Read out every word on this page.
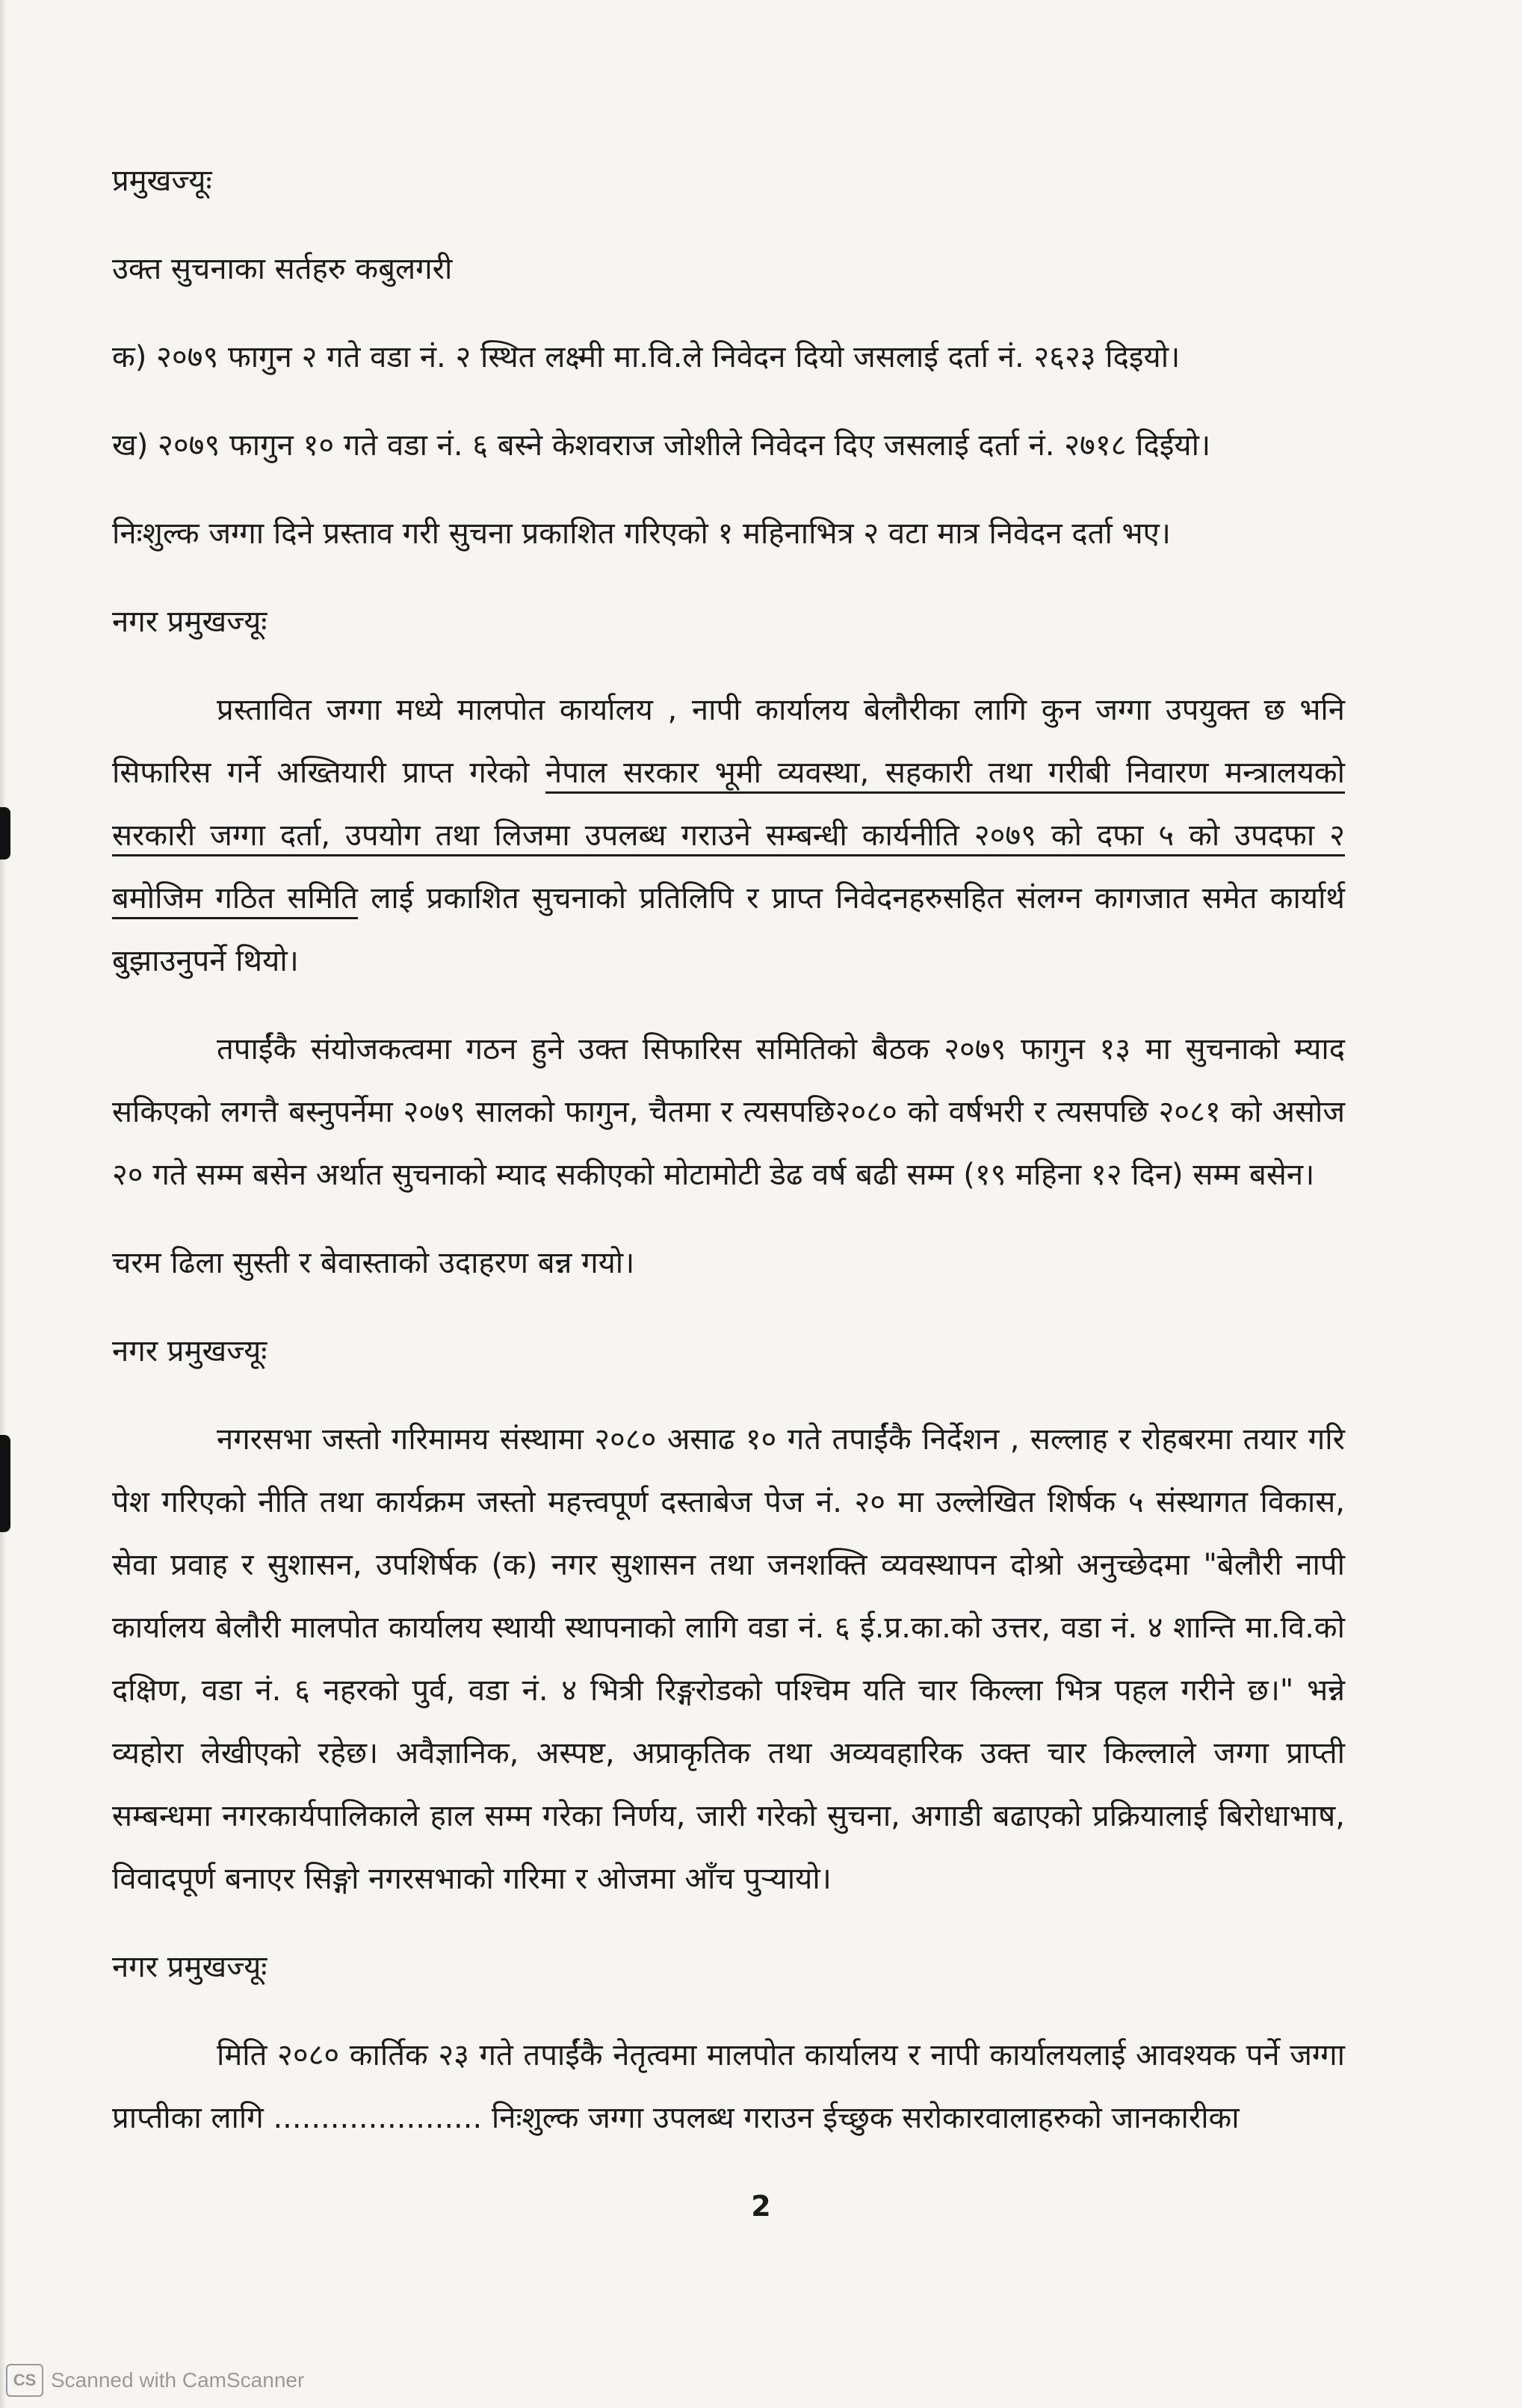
प्रमुखज्यूः
उक्त सुचनाका सर्तहरु कबुलगरी
क) २०७९ फागुन २ गते वडा नं. २ स्थित लक्ष्मी मा.वि.ले निवेदन दियो जसलाई दर्ता नं. २६२३ दिइयो।
ख) २०७९ फागुन १० गते वडा नं. ६ बस्ने केशवराज जोशीले निवेदन दिए जसलाई दर्ता नं. २७१८ दिईयो।
निःशुल्क जग्गा दिने प्रस्ताव गरी सुचना प्रकाशित गरिएको १ महिनाभित्र २ वटा मात्र निवेदन दर्ता भए।
नगर प्रमुखज्यूः
प्रस्तावित जग्गा मध्ये मालपोत कार्यालय , नापी कार्यालय बेलौरीका लागि कुन जग्गा उपयुक्त छ भनि सिफारिस गर्ने अख्तियारी प्राप्त गरेको नेपाल सरकार भूमी व्यवस्था, सहकारी तथा गरीबी निवारण मन्त्रालयको सरकारी जग्गा दर्ता, उपयोग तथा लिजमा उपलब्ध गराउने सम्बन्धी कार्यनीति २०७९ को दफा ५ को उपदफा २ बमोजिम गठित समिति लाई प्रकाशित सुचनाको प्रतिलिपि र प्राप्त निवेदनहरुसहित संलग्न कागजात समेत कार्यार्थ बुझाउनुपर्ने थियो।
तपाईंकै संयोजकत्वमा गठन हुने उक्त सिफारिस समितिको बैठक २०७९ फागुन १३ मा सुचनाको म्याद सकिएको लगत्तै बस्नुपर्नेमा २०७९ सालको फागुन, चैतमा र त्यसपछि२०८० को वर्षभरी र त्यसपछि २०८१ को असोज २० गते सम्म बसेन अर्थात सुचनाको म्याद सकीएको मोटामोटी डेढ वर्ष बढी सम्म (१९ महिना १२ दिन) सम्म बसेन।
चरम ढिला सुस्ती र बेवास्ताको उदाहरण बन्न गयो।
नगर प्रमुखज्यूः
नगरसभा जस्तो गरिमामय संस्थामा २०८० असाढ १० गते तपाईंकै निर्देशन , सल्लाह र रोहबरमा तयार गरि पेश गरिएको नीति तथा कार्यक्रम जस्तो महत्त्वपूर्ण दस्ताबेज पेज नं. २० मा उल्लेखित शिर्षक ५ संस्थागत विकास, सेवा प्रवाह र सुशासन, उपशिर्षक (क) नगर सुशासन तथा जनशक्ति व्यवस्थापन दोश्रो अनुच्छेदमा "बेलौरी नापी कार्यालय बेलौरी मालपोत कार्यालय स्थायी स्थापनाको लागि वडा नं. ६ ई.प्र.का.को उत्तर, वडा नं. ४ शान्ति मा.वि.को दक्षिण, वडा नं. ६ नहरको पुर्व, वडा नं. ४ भित्री रिङ्गरोडको पश्चिम यति चार किल्ला भित्र पहल गरीने छ।" भन्ने व्यहोरा लेखीएको रहेछ। अवैज्ञानिक, अस्पष्ट, अप्राकृतिक तथा अव्यवहारिक उक्त चार किल्लाले जग्गा प्राप्ती सम्बन्धमा नगरकार्यपालिकाले हाल सम्म गरेका निर्णय, जारी गरेको सुचना, अगाडी बढाएको प्रक्रियालाई बिरोधाभाष, विवादपूर्ण बनाएर सिङ्गो नगरसभाको गरिमा र ओजमा आँच पुर्‍यायो।
नगर प्रमुखज्यूः
मिति २०८० कार्तिक २३ गते तपाईंकै नेतृत्वमा मालपोत कार्यालय र नापी कार्यालयलाई आवश्यक पर्ने जग्गा प्राप्तीका लागि ...................... निःशुल्क जग्गा उपलब्ध गराउन ईच्छुक सरोकारवालाहरुको जानकारीका
2
CS Scanned with CamScanner
